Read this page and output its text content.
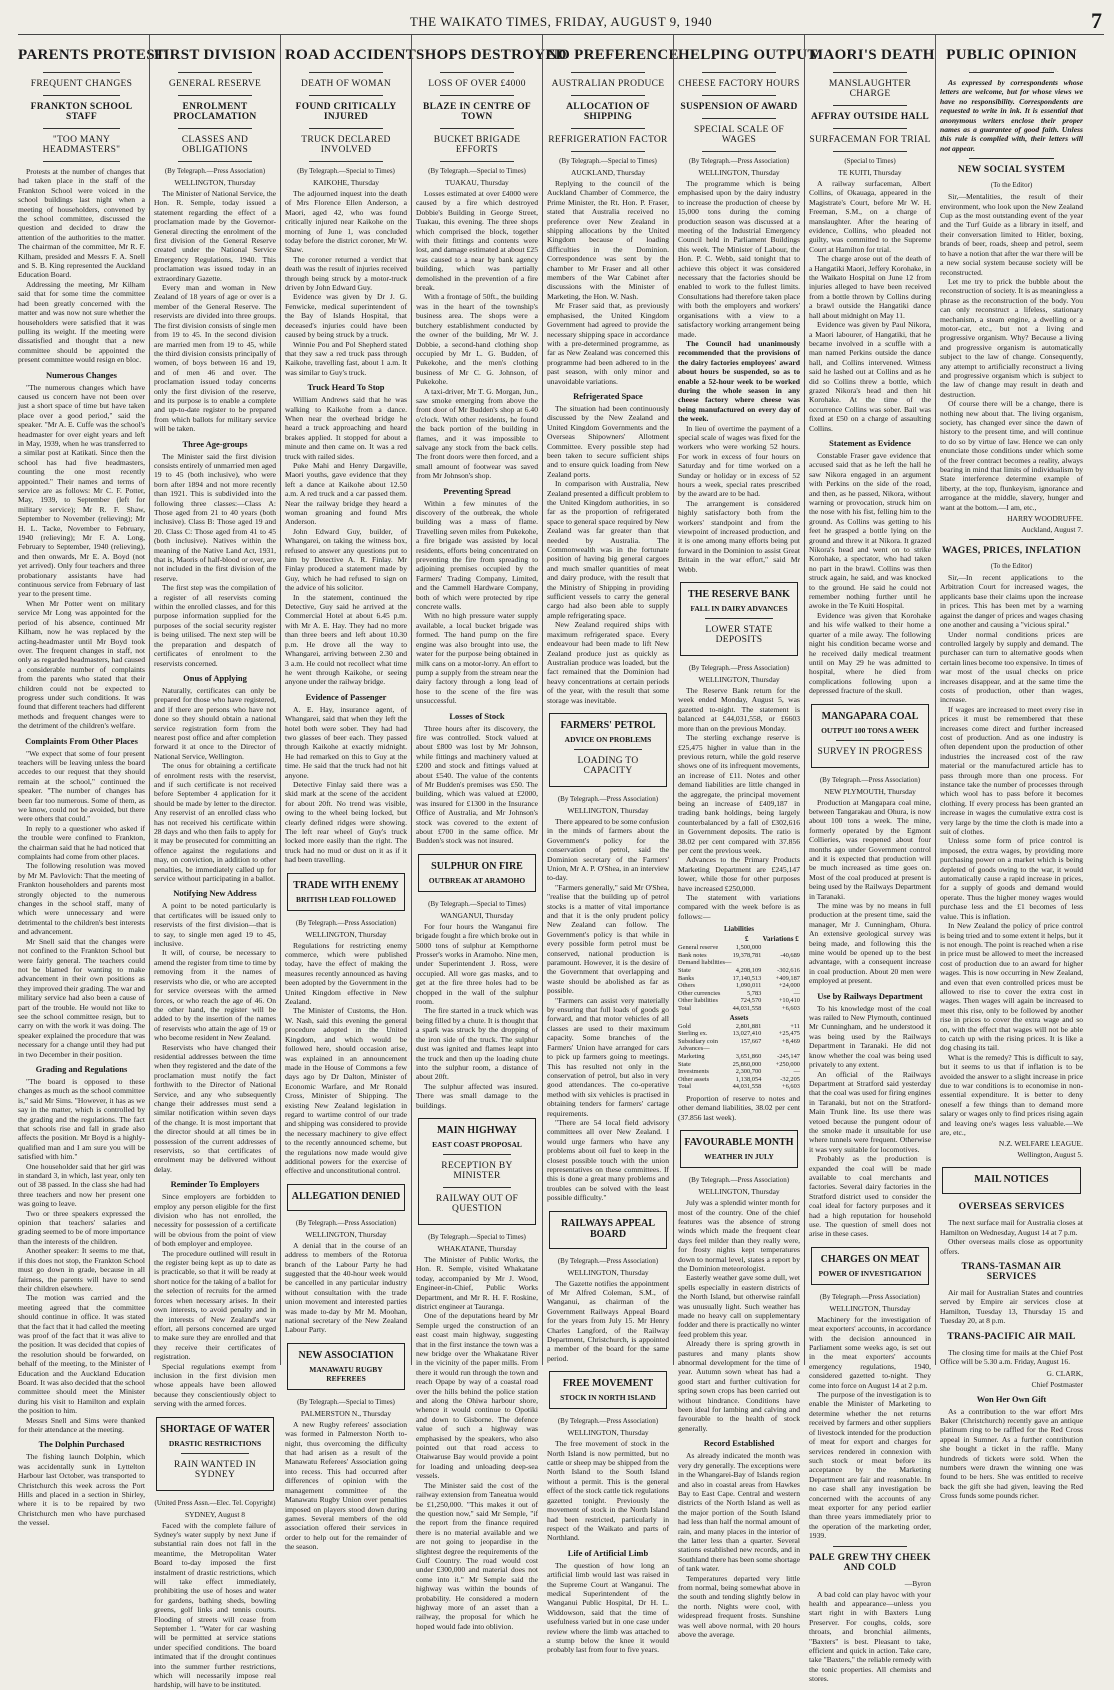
THE WAIKATO TIMES, FRIDAY, AUGUST 9, 1940	7
PARENTS PROTEST
FREQUENT CHANGES
FRANKTON SCHOOL STAFF
"TOO MANY HEADMASTERS"

Protests at the number of changes that had taken place in the staff of the Frankton School were voiced in the school buildings last night when a meeting of householders, convened by the school committee, discussed the question and decided to draw the attention of the authorities to the matter. The chairman of the committee, Mr R. F. Kilham, presided and Messrs F. A. Snell and S. B. King represented the Auckland Education Board.

Addressing the meeting, Mr Kilham said that for some time the committee had been greatly concerned with the matter and was now not sure whether the householders were satisfied that it was pulling its weight. If the meeting were dissatisfied and thought that a new committee should be appointed the present committee would resign en bloc.

Numerous Changes

"The numerous changes which have caused us concern have not been over just a short space of time but have taken place over a good period," said the speaker. "Mr A. E. Cuffe was the school's headmaster for over eight years and left in May, 1939, when he was transferred to a similar post at Katikati. Since then the school has had five headmasters, counting the one most recently appointed." Their names and terms of service are as follows: Mr C. F. Potter, May, 1939, to September (left for military service); Mr R. F. Shaw, September to November (relieving); Mr H. L. Tacke, November to February, 1940 (relieving); Mr F. A. Long, February to September, 1940 (relieving), and then onwards, Mr E. A. Boyd (not yet arrived). Only four teachers and three probationary assistants have had continuous service from February of last year to the present time.

When Mr Potter went on military service Mr Long was appointed for the period of his absence, continued Mr Kilham, now he was replaced by the acting-headmaster until Mr Boyd took over. The frequent changes in staff, not only as regarded headmasters, had caused a considerable number of complaints from the parents who stated that their children could not be expected to progress under such conditions. It was found that different teachers had different methods and frequent changes were to the detriment of the children's welfare.

Complaints From Other Places

"We expect that some of four present teachers will be leaving unless the board accedes to our request that they should remain at the school," continued the speaker. "The number of changes has been far too numerous. Some of them, as we know, could not be avoided, but there were others that could."

In reply to a questioner who asked if the trouble were confined to Frankton, the chairman said that he had noticed that complaints had come from other places.

The following resolution was moved by Mr M. Pavlovich: That the meeting of Frankton householders and parents most strongly objected to the numerous changes in the school staff, many of which were unnecessary and were detrimental to the children's best interests and advancement.

Mr Snell said that the changes were not confined to the Frankton School but were fairly general. The teachers could not be blamed for wanting to make advancement in their own positions as they improved their grading. The war and military service had also been a cause of part of the trouble. He would not like to see the school committee resign, but to carry on with the work it was doing. The speaker explained the procedure that was necessary for a change until they had put in two December in their position.

Grading and Regulations

"The board is opposed to these changes as much as the school committee is," said Mr Sims. "However, it has as we say in the matter, which is controlled by the grading and the regulations. The fact that schools rise and fall in grade also affects the position. Mr Boyd is a highly-qualified man and I am sure you will be satisfied with him."

One householder said that her girl was in standard 3, in which, last year, only ten out of 38 passed. In the class she had had three teachers and now her present one was going to leave.

Two or three speakers expressed the opinion that teachers' salaries and grading seemed to be of more importance than the interests of the children.

Another speaker: It seems to me that, if this does not stop, the Frankton School must go down in grade, because in all fairness, the parents will have to send their children elsewhere.

The motion was carried and the meeting agreed that the committee should continue in office. It was stated that the fact that it had called the meeting was proof of the fact that it was alive to the position. It was decided that copies of the resolution should be forwarded, on behalf of the meeting, to the Minister of Education and the Auckland Education Board. It was also decided that the school committee should meet the Minister during his visit to Hamilton and explain the position to him.

Messrs Snell and Sims were thanked for their attendance at the meeting.

The Dolphin Purchased

The fishing launch Dolphin, which was accidentally sunk in Lyttelton Harbour last October, was transported to Christchurch this week across the Port Hills and placed in a section in Shirley, where it is to be repaired by two Christchurch men who have purchased the vessel.

FIRST DIVISION
GENERAL RESERVE
ENROLMENT PROCLAMATION
CLASSES AND OBLIGATIONS
(By Telegraph.—Press Association)
WELLINGTON, Thursday

The Minister of National Service, the Hon. R. Semple, today issued a statement regarding the effect of a proclamation made by the Governor-General directing the enrolment of the first division of the General Reserve created under the National Service Emergency Regulations, 1940. This proclamation was issued today in an extraordinary Gazette.

Every man and woman in New Zealand of 18 years of age or over is a member of the General Reserve. The reservists are divided into three groups. The first division consists of single men from 19 to 45. In the second division are married men from 19 to 45, while the third division consists principally of women, of boys between 16 and 19, and of men 46 and over. The proclamation issued today concerns only the first division of the reserve, and its purpose is to enable a complete and up-to-date register to be prepared from which ballots for military service will be taken.

Three Age-groups

The Minister said the first division consists entirely of unmarried men aged 19 to 45 (both inclusive), who were born after 1894 and not more recently than 1921. This is subdivided into the following three classes:—Class A: Those aged from 21 to 40 years (both inclusive). Class B: Those aged 19 and 20. Class C: Those aged from 41 to 45 (both inclusive). Natives within the meaning of the Native Land Act, 1931, that is, Maoris of half-blood or over, are not included in the first division of the reserve.

The first step was the compilation of a register of all reservists coming within the enrolled classes, and for this purpose information supplied for the purposes of the social security register is being utilised. The next step will be the preparation and despatch of certificates of enrolment to the reservists concerned.

Onus of Applying

Naturally, certificates can only be prepared for those who have registered, and if there are persons who have not done so they should obtain a national service registration form from the nearest post office and after completion forward it at once to the Director of National Service, Wellington.

The onus for obtaining a certificate of enrolment rests with the reservist, and if such certificate is not received before September 4 application for it should be made by letter to the director. Any reservist of an enrolled class who has not received his certificate within 28 days and who then fails to apply for it may be prosecuted for committing an offence against the regulations and may, on conviction, in addition to other penalties, be immediately called up for service without participating in a ballot.

Notifying New Address

A point to be noted particularly is that certificates will be issued only to reservists of the first division—that is to say, to single men aged 19 to 45, inclusive.

It will, of course, be necessary to amend the register from time to time by removing from it the names of reservists who die, or who are accepted for service overseas with the armed forces, or who reach the age of 46. On the other hand, the register will be added to by the insertion of the names of reservists who attain the age of 19 or who become resident in New Zealand.

Reservists who have changed their residential addresses between the time when they registered and the date of the proclamation must notify the fact forthwith to the Director of National Service, and any who subsequently change their addresses must send a similar notification within seven days of the change. It is most important that the director should at all times be in possession of the current addresses of reservists, so that certificates of enrolment may be delivered without delay.

Reminder To Employers

Since employers are forbidden to employ any person eligible for the first division who has not enrolled, the necessity for possession of a certificate will be obvious from the point of view of both employer and employee.

The procedure outlined will result in the register being kept as up to date as is practicable, so that it will be ready at short notice for the taking of a ballot for the selection of recruits for the armed forces when necessary arises. In their own interests, to avoid penalty and in the interests of New Zealand's war effort, all persons concerned are urged to make sure they are enrolled and that they receive their certificates of registration.

Special regulations exempt from inclusion in the first division men whose appeals have been allowed because they conscientiously object to serving with the armed forces.

SHORTAGE OF WATER
DRASTIC RESTRICTIONS
RAIN WANTED IN SYDNEY
(United Press Assn.—Elec. Tel. Copyright)
SYDNEY, August 8

Faced with the complete failure of Sydney's water supply by next June if substantial rain does not fall in the meantime, the Metropolitan Water Board to-day imposed the first instalment of drastic restrictions, which will take effect immediately, prohibiting the use of hoses and water for gardens, bathing sheds, bowling greens, golf links and tennis courts. Flooding of streets will cease from September 1. "Water for car washing will be permitted at service stations under specified conditions. The board intimated that if the drought continues into the summer further restrictions, which will necessarily impose real hardship, will have to be instituted.

ROAD ACCIDENT
DEATH OF WOMAN
FOUND CRITICALLY INJURED
TRUCK DECLARED INVOLVED
(By Telegraph.—Special to Times)
KAIKOHE, Thursday

The adjourned inquest into the death of Mrs Florence Ellen Anderson, a Maori, aged 42, who was found critically injured near Kaikohe on the morning of June 1, was concluded today before the district coroner, Mr W. Shaw.

The coroner returned a verdict that death was the result of injuries received through being struck by a motor-truck driven by John Edward Guy.

Evidence was given by Dr J. G. Fenwicke, medical superintendent of the Bay of Islands Hospital, that deceased's injuries could have been caused by being struck by a truck.

Winnie Pou and Pol Shepherd stated that they saw a red truck pass through Kaikohe, travelling fast, about 1 a.m. It was similar to Guy's truck.

Truck Heard To Stop

William Andrews said that he was walking to Kaikohe from a dance. When near the overhead bridge he heard a truck approaching and heard brakes applied. It stopped for about a minute and then came on. It was a red truck with railed sides.

Puke Mahi and Henry Dargaville, Maori youths, gave evidence that they left a dance at Kaikohe about 12.50 a.m. A red truck and a car passed them. Near the railway bridge they heard a woman groaning and found Mrs Anderson.

John Edward Guy, builder, of Whangarei, on taking the witness box, refused to answer any questions put to him by Detective A. R. Finlay. Mr Finlay produced a statement made by Guy, which he had refused to sign on the advice of his solicitor.

In the statement, continued the Detective, Guy said he arrived at the Commercial Hotel at about 6.45 p.m. with Mr A. E. Hay. They had no more than three beers and left about 10.30 p.m. He drove all the way to Whangarei, arriving between 2.30 and 3 a.m. He could not recollect what time he went through Kaikohe, or seeing anyone under the railway bridge.

Evidence of Passenger

A. E. Hay, insurance agent, of Whangarei, said that when they left the hotel both were sober. They had had two glasses of beer each. They passed through Kaikohe at exactly midnight. He had remarked on this to Guy at the time. He said that the truck had not hit anyone.

Detective Finlay said there was a skid mark at the scene of the accident for about 20ft. No trend was visible, owing to the wheel being locked, but clearly defined ridges were showing. The left rear wheel of Guy's truck locked more easily than the right. The truck had no mud or dust on it as if it had been travelling.

TRADE WITH ENEMY
BRITISH LEAD FOLLOWED
(By Telegraph.—Press Association)
WELLINGTON, Thursday

Regulations for restricting enemy commerce, which were published today, have the effect of making the measures recently announced as having been adopted by the Government in the United Kingdom effective in New Zealand.

The Minister of Customs, the Hon. W. Nash, said this evening the general procedure adopted in the United Kingdom, and which would be followed here, should occasion arise, was explained in an announcement made in the House of Commons a few days ago by Dr Dalton, Minister of Economic Warfare, and Mr Ronald Cross, Minister of Shipping. The existing New Zealand legislation in regard to wartime control of our trade and shipping was considered to provide the necessary machinery to give effect to the recently announced scheme, but the regulations now made would give additional powers for the exercise of effective and unconstitutional control.

ALLEGATION DENIED
(By Telegraph.—Press Association)
WELLINGTON, Thursday

A denial that in the course of an address to members of the Rotorua branch of the Labour Party he had suggested that the 40-hour week would be cancelled in any particular industry without consultation with the trade union movement and interested parties was made to-day by Mr M. Moohan, national secretary of the New Zealand Labour Party.

NEW ASSOCIATION
MANAWATU RUGBY REFEREES
(By Telegraph.—Special to Times)
PALMERSTON N., Thursday

A new Rugby referees' association was formed in Palmerston North to-night, thus overcoming the difficulty that had arisen as a result of the Manawatu Referees' Association going into recess. This had occurred after differences of opinion with the management committee of the Manawatu Rugby Union over penalties imposed on players stood down during games. Several members of the old association offered their services in order to help out for the remainder of the season.

SHOPS DESTROYED
LOSS OF OVER £4000
BLAZE IN CENTRE OF TOWN
BUCKET BRIGADE EFFORTS
(By Telegraph.—Special to Times)
TUAKAU, Thursday

Losses estimated at over £4000 were caused by a fire which destroyed Dobbie's Building in George Street, Tuakau, this evening. The three shops which comprised the block, together with their fittings and contents were lost, and damage estimated at about £25 was caused to a near by bank agency building, which was partially demolished in the prevention of a fire break.

With a frontage of 50ft., the building was in the heart of the township's business area. The shops were a butchery establishment conducted by the owner of the building, Mr W. J. Dobbie, a second-hand clothing shop occupied by Mr L. G. Budden, of Pukekohe, and the men's clothing business of Mr C. G. Johnson, of Pukekohe.

A taxi-driver, Mr T. G. Morgan, Jun., saw smoke emerging from above the front door of Mr Budden's shop at 6.40 o'clock. With other residents, he found the back portion of the building in flames, and it was impossible to salvage any stock from the back cells. The front doors were then forced, and a small amount of footwear was saved from Mr Johnson's shop.

Preventing Spread

Within a few minutes of the discovery of the outbreak, the whole building was a mass of flame. Travelling seven miles from Pukekohe, a fire brigade was assisted by local residents, efforts being concentrated on preventing the fire from spreading to adjoining premises occupied by the Farmers' Trading Company, Limited, and the Cammell Hardware Company, both of which were protected by ripe concrete walls.

With no high pressure water supply available, a local bucket brigade was formed. The hand pump on the fire engine was also brought into use, the water for the purpose being obtained in milk cans on a motor-lorry. An effort to pump a supply from the stream near the dairy factory through a long lead of hose to the scene of the fire was unsuccessful.

Losses of Stock

Three hours after its discovery, the fire was controlled. Stock valued at about £800 was lost by Mr Johnson, while fittings and machinery valued at £200 and stock and fittings valued at about £540. The value of the contents of Mr Budden's premises was £50. The building, which was valued at £2000, was insured for £1300 in the Insurance Office of Australia, and Mr Johnson's stock was covered to the extent of about £700 in the same office. Mr Budden's stock was not insured.

SULPHUR ON FIRE
OUTBREAK AT ARAMOHO
(By Telegraph.—Special to Times)
WANGANUI, Thursday

For four hours the Wanganui fire brigade fought a fire which broke out in 5000 tons of sulphur at Kempthorne Prosser's works in Aramoho. Nine men, under Superintendent J. Ross, were occupied. All wore gas masks, and to get at the fire three holes had to be chopped in the wall of the sulphur room.

The fire started in a truck which was being filled by a chute. It is thought that a spark was struck by the dropping of the iron side of the truck. The sulphur dust was ignited and flames leapt into the truck and then up the loading chute into the sulphur room, a distance of about 20ft.

The sulphur affected was insured. There was small damage to the buildings.

MAIN HIGHWAY
EAST COAST PROPOSAL
RECEPTION BY MINISTER
RAILWAY OUT OF QUESTION
(By Telegraph.—Special to Times)
WHAKATANE, Thursday

The Minister of Public Works, the Hon. R. Semple, visited Whakatane today, accompanied by Mr J. Wood, Engineer-in-Chief, Public Works Department, and Mr R. H. F. Roskine, district engineer at Tauranga.

One of the deputations heard by Mr Semple urged the construction of an east coast main highway, suggesting that in the first instance the town was a new bridge over the Whakatane River in the vicinity of the paper mills. From there it would run through the town and reach Opape by way of a coastal road over the hills behind the police station and along the Ohiwa harbour shore, whence it would continue to Opotiki and down to Gisborne. The defence value of such a highway was emphasised by the speakers, who also pointed out that road access to Otaiwaruse Bay would provide a point for loading and unloading deep-sea vessels.

The Minister said the cost of the railway extension from Taneatua would be £1,250,000. "This makes it out of the question now," said Mr Semple, "if the report from the finance required there is no material available and we are not going to jeopardise in the slightest degree the requirements of the Gulf Country. The road would cost under £300,000 and material does not come into it." Mr Semple said the highway was within the bounds of probability. He considered a modern highway more of an asset than a railway, the proposal for which he hoped would fade into oblivion.

NO PREFERENCE
AUSTRALIAN PRODUCE
ALLOCATION OF SHIPPING
REFRIGERATION FACTOR
(By Telegraph.—Special to Times)
AUCKLAND, Thursday

Replying to the council of the Auckland Chamber of Commerce, the Prime Minister, the Rt. Hon. P. Fraser, stated that Australia received no preference over New Zealand in shipping allocations by the United Kingdom because of loading difficulties in the Dominion. Correspondence was sent by the chamber to Mr Fraser and all other members of the War Cabinet after discussions with the Minister of Marketing, the Hon. W. Nash.

Mr Fraser said that, as previously emphasised, the United Kingdom Government had agreed to provide the necessary shipping space in accordance with a pre-determined programme, as far as New Zealand was concerned this programme had been adhered to in the past season, with only minor and unavoidable variations.

Refrigerated Space

The situation had been continuously discussed by the New Zealand and United Kingdom Governments and the Overseas Shipowners' Allotment Committee. Every possible step had been taken to secure sufficient ships and to ensure quick loading from New Zealand ports.

In comparison with Australia, New Zealand presented a difficult problem to the United Kingdom authorities, in so far as the proportion of refrigerated space to general space required by New Zealand was far greater than that needed by Australia. The Commonwealth was in the fortunate position of having big general cargoes and much smaller quantities of meat and dairy produce, with the result that the Ministry of Shipping in providing sufficient vessels to carry the general cargo had also been able to supply ample refrigerating space.

New Zealand required ships with maximum refrigerated space. Every endeavour had been made to lift New Zealand produce just as quickly as Australian produce was loaded, but the fact remained that the Dominion had heavy concentrations at certain periods of the year, with the result that some storage was inevitable.

FARMERS' PETROL
ADVICE ON PROBLEMS
LOADING TO CAPACITY
(By Telegraph.—Press Association)
WELLINGTON, Thursday

There appeared to be some confusion in the minds of farmers about the Government's policy for the conservation of petrol, said the Dominion secretary of the Farmers' Union, Mr A. P. O'Shea, in an interview to-day.

"Farmers generally," said Mr O'Shea, "realise that the building up of petrol stocks is a matter of vital importance and that it is the only prudent policy New Zealand can follow. The Government's policy is that while in every possible form petrol must be conserved, national production is paramount. However, it is the desire of the Government that overlapping and waste should be abolished as far as possible.

"Farmers can assist very materially by ensuring that full loads of goods go forward, and that motor vehicles of all classes are used to their maximum capacity. Some branches of the Farmers' Union have arranged for cars to pick up farmers going to meetings. This has resulted not only in the conservation of petrol, but also in very good attendances. The co-operative method with six vehicles is practised in obtaining tenders for farmers' cartage requirements.

"There are 54 local field advisory committees all over New Zealand. I would urge farmers who have any problems about oil fuel to keep in the closest possible touch with the union representatives on these committees. If this is done a great many problems and troubles can be solved with the least possible difficulty."

RAILWAYS APPEAL BOARD
(By Telegraph.—Press Association)
WELLINGTON, Thursday

The Gazette notifies the appointment of Mr Alfred Coleman, S.M., of Wanganui, as chairman of the Government Railways Appeal Board for the years from July 15. Mr Henry Charles Langford, of the Railway Department, Christchurch, is appointed a member of the board for the same period.

FREE MOVEMENT
STOCK IN NORTH ISLAND
(By Telegraph.—Press Association)
WELLINGTON, Thursday

The free movement of stock in the North Island is now permitted, but no cattle or sheep may be shipped from the North Island to the South Island without a permit. This is the general effect of the stock cattle tick regulations gazetted tonight. Previously the movement of stock in the North Island had been restricted, particularly in respect of the Waikato and parts of Northland.

Life of Artificial Limb

The question of how long an artificial limb would last was raised in the Supreme Court at Wanganui. The medical Superintendent of the Wanganui Public Hospital, Dr H. L. Widdowson, said that the time of usefulness varied but in one case under review where the limb was attached to a stump below the knee it would probably last from four to five years.

HELPING OUTPUT
CHEESE FACTORY HOURS
SUSPENSION OF AWARD
SPECIAL SCALE OF WAGES
(By Telegraph.—Press Association)
WELLINGTON, Thursday

The programme which is being emphasised upon by the dairy industry to increase the production of cheese by 15,000 tons during the coming production season was discussed at a meeting of the Industrial Emergency Council held in Parliament Buildings this week. The Minister of Labour, the Hon. P. C. Webb, said tonight that to achieve this object it was considered necessary that the factories should be enabled to work to the fullest limits. Consultations had therefore taken place with both the employers and workers' organisations with a view to a satisfactory working arrangement being made.

The Council had unanimously recommended that the provisions of the dairy factories employees' award about hours be suspended, so as to enable a 52-hour week to be worked during the whole season in any cheese factory where cheese was being manufactured on every day of the week.

In lieu of overtime the payment of a special scale of wages was fixed for the workers who were working 52 hours. For work in excess of four hours on Saturday and for time worked on a Sunday or holiday or in excess of 52 hours a week, special rates prescribed by the award are to be had.

The arrangement is considered highly satisfactory both from the workers' standpoint and from the viewpoint of increased production, and it is one among many efforts being put forward in the Dominion to assist Great Britain in the war effort," said Mr Webb.

THE RESERVE BANK
FALL IN DAIRY ADVANCES
LOWER STATE DEPOSITS
(By Telegraph.—Press Association)
WELLINGTON, Thursday

The Reserve Bank return for the week ended Monday, August 5, was gazetted to-night. The statement is balanced at £44,031,558, or £6603 more than on the previous Monday.

The sterling exchange reserve is £25,475 higher in value than in the previous return, while the gold reserve shows one of its infrequent movements, an increase of £11. Notes and other demand liabilities are little changed in the aggregate, the principal movement being an increase of £409,187 in trading bank holdings, being largely counterbalanced by a fall of £302,616 in Government deposits. The ratio is 38.02 per cent compared with 37.856 per cent the previous week.

Advances to the Primary Products Marketing Department are £245,147 lower, while those for other purposes have increased £250,000.

The statement with variations compared with the week before is as follows:—

Liabilities		
	£	Variations £
General reserve	1,500,000	
Bank notes	19,378,781	-40,689
Demand liabilities—		
State	4,208,109	-302,616
Banks	17,140,513	+409,187
Others	1,090,011	+24,000
Other currencies	5,783	—
Other liabilities	724,570	+10,410
Total	44,031,558	+6,603
Assets		
Gold	2,801,881	+11
Sterling ex.	13,027,410	+25,475
Subsidiary coin	157,667	+8,469
Advances—		
Marketing	3,651,860	-245,147
State	25,860,000	+250,000
Investments	2,300,700	—
Other assets	1,138,054	-32,205
Total	44,031,558	+6,603

Proportion of reserve to notes and other demand liabilities, 38.02 per cent (37.856 last week).

FAVOURABLE MONTH
WEATHER IN JULY
(By Telegraph.—Press Association)
WELLINGTON, Thursday

July was a splendid winter month for most of the country. One of the chief features was the absence of strong winds which made the frequent clear days feel milder than they really were, for frosty nights kept temperatures down to normal level, states a report by the Dominion meteorologist.

Easterly weather gave some dull, wet spells especially in eastern districts of the North Island, but otherwise rainfall was unusually light. Such weather has made no heavy call on supplementary fodder and there is practically no winter feed problem this year.

Already there is spring growth in pastures and many plants show abnormal development for the time of year. Autumn sown wheat has had a good start and further cultivation for spring sown crops has been carried out without hindrance. Conditions have been ideal for lambing and calving and favourable to the health of stock generally.

Record Established

As already indicated the month was very dry generally. The exceptions were in the Whangarei-Bay of Islands region and also in coastal areas from Hawkes Bay to East Cape. Central and western districts of the North Island as well as the major portion of the South Island had less than half the normal amount of rain, and many places in the interior of the latter less than a quarter. Several stations established new records, and in Southland there has been some shortage of tank water.

Temperatures departed very little from normal, being somewhat above in the south and tending slightly below in the north. Nights were cool, with widespread frequent frosts. Sunshine was well above normal, with 20 hours above the average.

MAORI'S DEATH
MANSLAUGHTER CHARGE
AFFRAY OUTSIDE HALL
SURFACEMAN FOR TRIAL
(Special to Times)
TE KUITI, Thursday

A railway surfaceman, Albert Collins, of Okauaga, appeared in the Magistrate's Court, before Mr W. H. Freeman, S.M., on a charge of manslaughter. After the hearing of evidence, Collins, who pleaded not guilty, was committed to the Supreme Court at Hamilton for trial.

The charge arose out of the death of a Hangatiki Maori, Jeffery Korohake, in the Waikato Hospital on June 12 from injuries alleged to have been received from a bottle thrown by Collins during a brawl outside the Hangatiki dance hall about midnight on May 11.

Evidence was given by Paul Nikora, a Maori labourer, of Hangatiki, that he became involved in a scuffle with a man named Perkins outside the dance hall, and Collins intervened. Witness said he lashed out at Collins and as he did so Collins threw a bottle, which grazed Nikora's head and then hit Korohake. At the time of the occurrence Collins was sober. Bail was fixed at £50 on a charge of assaulting Collins.

Statement as Evidence

Constable Fraser gave evidence that accused said that as he left the hall he saw Nikora engaged in an argument with Perkins on the side of the road, and then, as he passed, Nikora, without warning or provocation, struck him on the nose with his fist, felling him to the ground. As Collins was getting to his feet he grasped a bottle lying on the ground and threw it at Nikora. It grazed Nikora's head and went on to strike Korohake, a spectator, who had taken no part in the brawl. Collins was then struck again, he said, and was knocked to the ground. He said he could not remember nothing further until he awoke in the Te Kuiti Hospital.

Evidence was given that Korohake and his wife walked to their home a quarter of a mile away. The following night his condition became worse and he received daily medical treatment until on May 29 he was admitted to hospital, where he died from complications following upon a depressed fracture of the skull.

MANGAPARA COAL
OUTPUT 100 TONS A WEEK
SURVEY IN PROGRESS
(By Telegraph.—Press Association)
NEW PLYMOUTH, Thursday

Production at Mangapara coal mine, between Tangarakau and Ohura, is now about 100 tons a week. The mine, formerly operated by the Egmont Collieries, was reopened about four months ago under Government control and it is expected that production will be much increased as time goes on. Most of the coal produced at present is being used by the Railways Department in Taranaki.

The mine was by no means in full production at the present time, said the manager, Mr J. Cunningham, Ohura. An extensive geological survey was being made, and following this the mine would be opened up to the best advantage, with a consequent increase in coal production. About 20 men were employed at present.

Use by Railways Department

To his knowledge most of the coal was railed to New Plymouth, continued Mr Cunningham, and he understood it was being used by the Railways Department in Taranaki. He did not know whether the coal was being used privately to any extent.

An official of the Railways Department at Stratford said yesterday that the coal was used for firing engines in Taranaki, but not on the Stratford-Main Trunk line. Its use there was vetoed because the pungent odour of the smoke made it unsuitable for use where tunnels were frequent. Otherwise it was very suitable for locomotives.

Probably as the production is expanded the coal will be made available to coal merchants and factories. Several dairy factories in the Stratford district used to consider the coal ideal for factory purposes and it had a high reputation for household use. The question of smell does not arise in these cases.

CHARGES ON MEAT
POWER OF INVESTIGATION
(By Telegraph.—Press Association)
WELLINGTON, Thursday

Machinery for the investigation of meat exporters' accounts, in accordance with the decision announced in Parliament some weeks ago, is set out in the meat exporters' accounts emergency regulations, 1940, considered gazetted to-night. They come into force on August 14 at 2 p.m.

The purpose of the investigation is to enable the Minister of Marketing to determine whether the net returns received by farmers and other suppliers of livestock intended for the production of meat for export and charges for services rendered in connexion with such stock or meat before its acceptance by the Marketing Department are fair and reasonable. In no case shall any investigation be concerned with the accounts of any meat exporter for any period earlier than three years immediately prior to the operation of the marketing order, 1939.

PALE GREW THY CHEEK AND COLD
—Byron

A bad cold can play havoc with your health and appearance—unless you start right in with Baxters Lung Preserver. For coughs, colds, sore throats, and bronchial ailments, "Baxters" is best. Pleasant to take, efficient and quick in action. Take care, take "Baxters," the reliable remedy with the tonic properties. All chemists and stores.

PUBLIC OPINION

As expressed by correspondents whose letters are welcome, but for whose views we have no responsibility. Correspondents are requested to write in ink. It is essential that anonymous writers enclose their proper names as a guarantee of good faith. Unless this rule is complied with, their letters will not appear.

NEW SOCIAL SYSTEM
(To the Editor)

Sir,—Mentalities, the result of their environment, who look upon the New Zealand Cup as the most outstanding event of the year and the Turf Guide as a library in itself, and their conversation limited to Hitler, boxing, brands of beer, roads, sheep and petrol, seem to have a notion that after the war there will be a new social system because society will be reconstructed.

Let me try to prick the bubble about the reconstruction of society. It is as meaningless a phrase as the reconstruction of the body. You can only reconstruct a lifeless, stationary mechanism, a steam engine, a dwelling or a motor-car, etc., but not a living and progressive organism. Why? Because a living and progressive organism is automatically subject to the law of change. Consequently, any attempt to artificially reconstruct a living and progressive organism which is subject to the law of change may result in death and destruction.

Of course there will be a change, there is nothing new about that. The living organism, society, has changed ever since the dawn of history to the present time, and will continue to do so by virtue of law. Hence we can only enunciate those conditions under which some of the freer contract becomes a reality, always bearing in mind that limits of individualism by State interference determine example of liberty, at the top, flunkeyism, ignorance and arrogance at the middle, slavery, hunger and want at the bottom.—I am, etc.,

HARRY WOODRUFFE.
Auckland, August 7.
WAGES, PRICES, INFLATION
(To the Editor)

Sir,—In recent applications to the Arbitration Court for increased wages, the applicants base their claims upon the increase in prices. This has been met by a warning against the danger of prices and wages chasing one another and causing a "vicious spiral."

Under normal conditions prices are controlled largely by supply and demand. The purchaser can turn to alternative goods when certain lines become too expensive. In times of war most of the usual checks on price increases disappear, and at the same time the costs of production, other than wages, increase.

If wages are increased to meet every rise in prices it must be remembered that these increases come direct and further increased cost of production. And as one industry is often dependent upon the production of other industries the increased cost of the raw material or the manufactured article has to pass through more than one process. For instance take the number of processes through which wool has to pass before it becomes clothing. If every process has been granted an increase in wages the cumulative extra cost is very large by the time the cloth is made into a suit of clothes.

Unless some form of price control is imposed, the extra wages, by providing more purchasing power on a market which is being depleted of goods owing to the war, it would automatically cause a rapid increase in prices, for a supply of goods and demand would operate. Thus the higher money wages would purchase less and the £1 becomes of less value. This is inflation.

In New Zealand the policy of price control is being tried and to some extent it helps, but it is not enough. The point is reached when a rise in price must be allowed to meet the increased cost of production due to an award for higher wages. This is now occurring in New Zealand, and even that even controlled prices must be allowed to rise to cover the extra cost in wages. Then wages will again be increased to meet this rise, only to be followed by another rise in prices to cover the extra wage and so on, with the effect that wages will not be able to catch up with the rising prices. It is like a dog chasing its tail.

What is the remedy? This is difficult to say, but it seems to us that if inflation is to be avoided the answer to a slight increase in price due to war conditions is to economise in non-essential expenditure. It is better to deny oneself a few things than to demand more salary or wages only to find prices rising again and leaving one's wages less valuable.—We are, etc.,

N.Z. WELFARE LEAGUE.
Wellington, August 5.
MAIL NOTICES
OVERSEAS SERVICES

The next surface mail for Australia closes at Hamilton on Wednesday, August 14 at 7 p.m.

Other overseas mails close as opportunity offers.

TRANS-TASMAN AIR SERVICES

Air mail for Australian States and countries served by Empire air services close at Hamilton, Tuesday 13, Thursday 15 and Tuesday 20, at 8 p.m.

TRANS-PACIFIC AIR MAIL

The closing time for mails at the Chief Post Office will be 5.30 a.m. Friday, August 16.

G. CLARK,
Chief Postmaster
Won Her Own Gift

As a contribution to the war effort Mrs Baker (Christchurch) recently gave an antique platinum ring to be raffled for the Red Cross appeal in Sumner. As a further contribution she bought a ticket in the raffle. Many hundreds of tickets were sold. When the numbers were drawn the winning one was found to be hers. She was entitled to receive back the gift she had given, leaving the Red Cross funds some pounds richer.
